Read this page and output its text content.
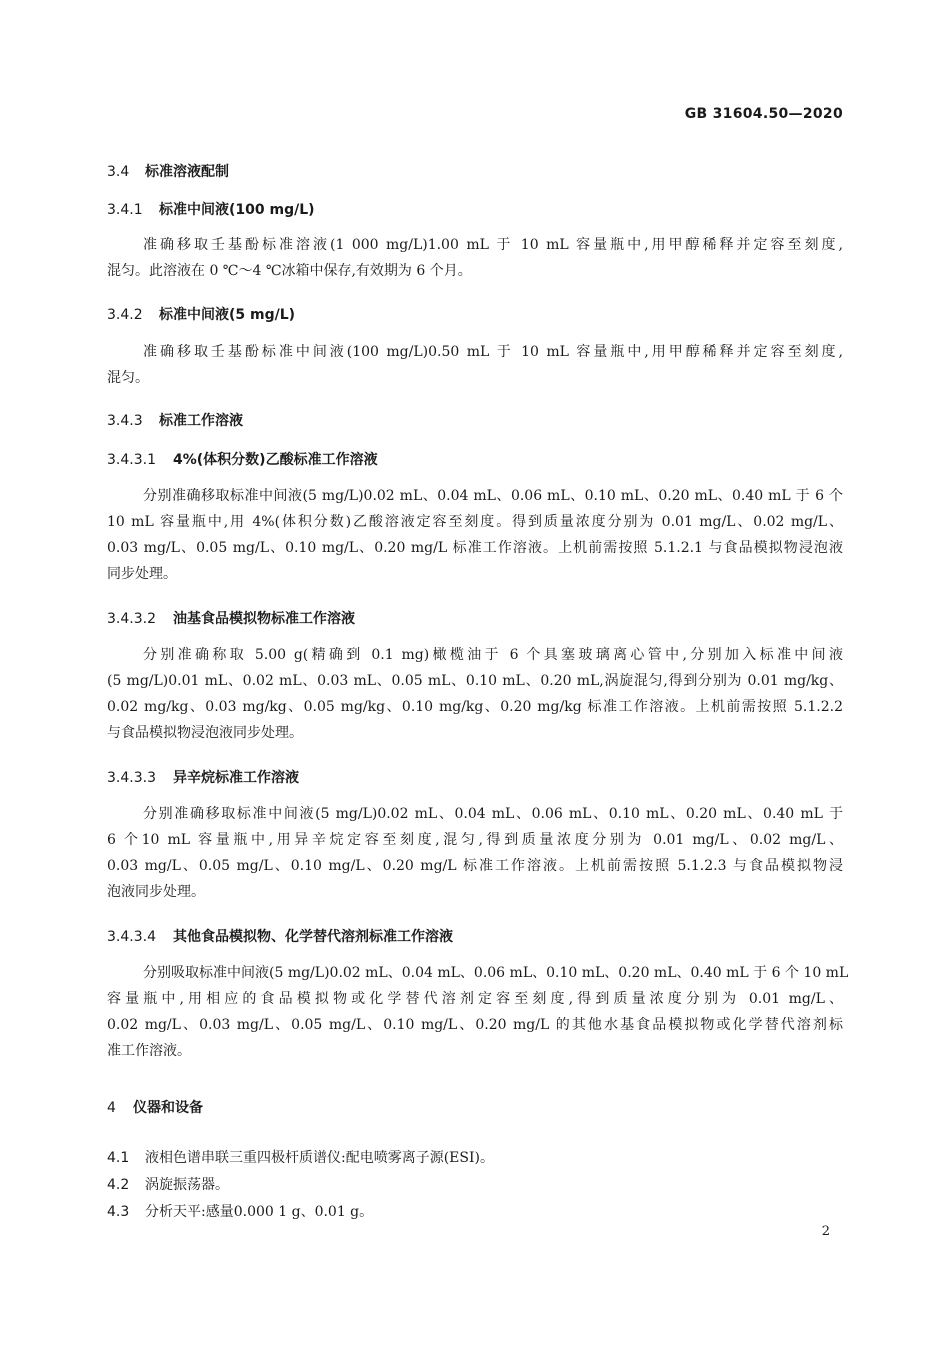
GB 31604.50—2020
3.4 标准溶液配制
3.4.1 标准中间液(100 mg/L)
准确移取壬基酚标准溶液(1 000 mg/L)1.00 mL 于 10 mL 容量瓶中,用甲醇稀释并定容至刻度,
混匀。此溶液在 0 ℃～4 ℃冰箱中保存,有效期为 6 个月。
3.4.2 标准中间液(5 mg/L)
准确移取壬基酚标准中间液(100 mg/L)0.50 mL 于 10 mL 容量瓶中,用甲醇稀释并定容至刻度,
混匀。
3.4.3 标准工作溶液
3.4.3.1 4%(体积分数)乙酸标准工作溶液
分别准确移取标准中间液(5 mg/L)0.02 mL、0.04 mL、0.06 mL、0.10 mL、0.20 mL、0.40 mL 于 6 个
10 mL 容量瓶中,用 4%(体积分数)乙酸溶液定容至刻度。得到质量浓度分别为 0.01 mg/L、0.02 mg/L、
0.03 mg/L、0.05 mg/L、0.10 mg/L、0.20 mg/L 标准工作溶液。上机前需按照 5.1.2.1 与食品模拟物浸泡液
同步处理。
3.4.3.2 油基食品模拟物标准工作溶液
分别准确称取 5.00 g(精确到 0.1 mg)橄榄油于 6 个具塞玻璃离心管中,分别加入标准中间液
(5 mg/L)0.01 mL、0.02 mL、0.03 mL、0.05 mL、0.10 mL、0.20 mL,涡旋混匀,得到分别为 0.01 mg/kg、
0.02 mg/kg、0.03 mg/kg、0.05 mg/kg、0.10 mg/kg、0.20 mg/kg 标准工作溶液。上机前需按照 5.1.2.2
与食品模拟物浸泡液同步处理。
3.4.3.3 异辛烷标准工作溶液
分别准确移取标准中间液(5 mg/L)0.02 mL、0.04 mL、0.06 mL、0.10 mL、0.20 mL、0.40 mL 于
6 个10 mL 容量瓶中,用异辛烷定容至刻度,混匀,得到质量浓度分别为 0.01 mg/L、0.02 mg/L、
0.03 mg/L、0.05 mg/L、0.10 mg/L、0.20 mg/L 标准工作溶液。上机前需按照 5.1.2.3 与食品模拟物浸
泡液同步处理。
3.4.3.4 其他食品模拟物、化学替代溶剂标准工作溶液
分别吸取标准中间液(5 mg/L)0.02 mL、0.04 mL、0.06 mL、0.10 mL、0.20 mL、0.40 mL 于 6 个 10 mL
容量瓶中,用相应的食品模拟物或化学替代溶剂定容至刻度,得到质量浓度分别为 0.01 mg/L、
0.02 mg/L、0.03 mg/L、0.05 mg/L、0.10 mg/L、0.20 mg/L 的其他水基食品模拟物或化学替代溶剂标
准工作溶液。
4 仪器和设备
4.1 液相色谱串联三重四极杆质谱仪:配电喷雾离子源(ESI)。
4.2 涡旋振荡器。
4.3 分析天平:感量0.000 1 g、0.01 g。
2
